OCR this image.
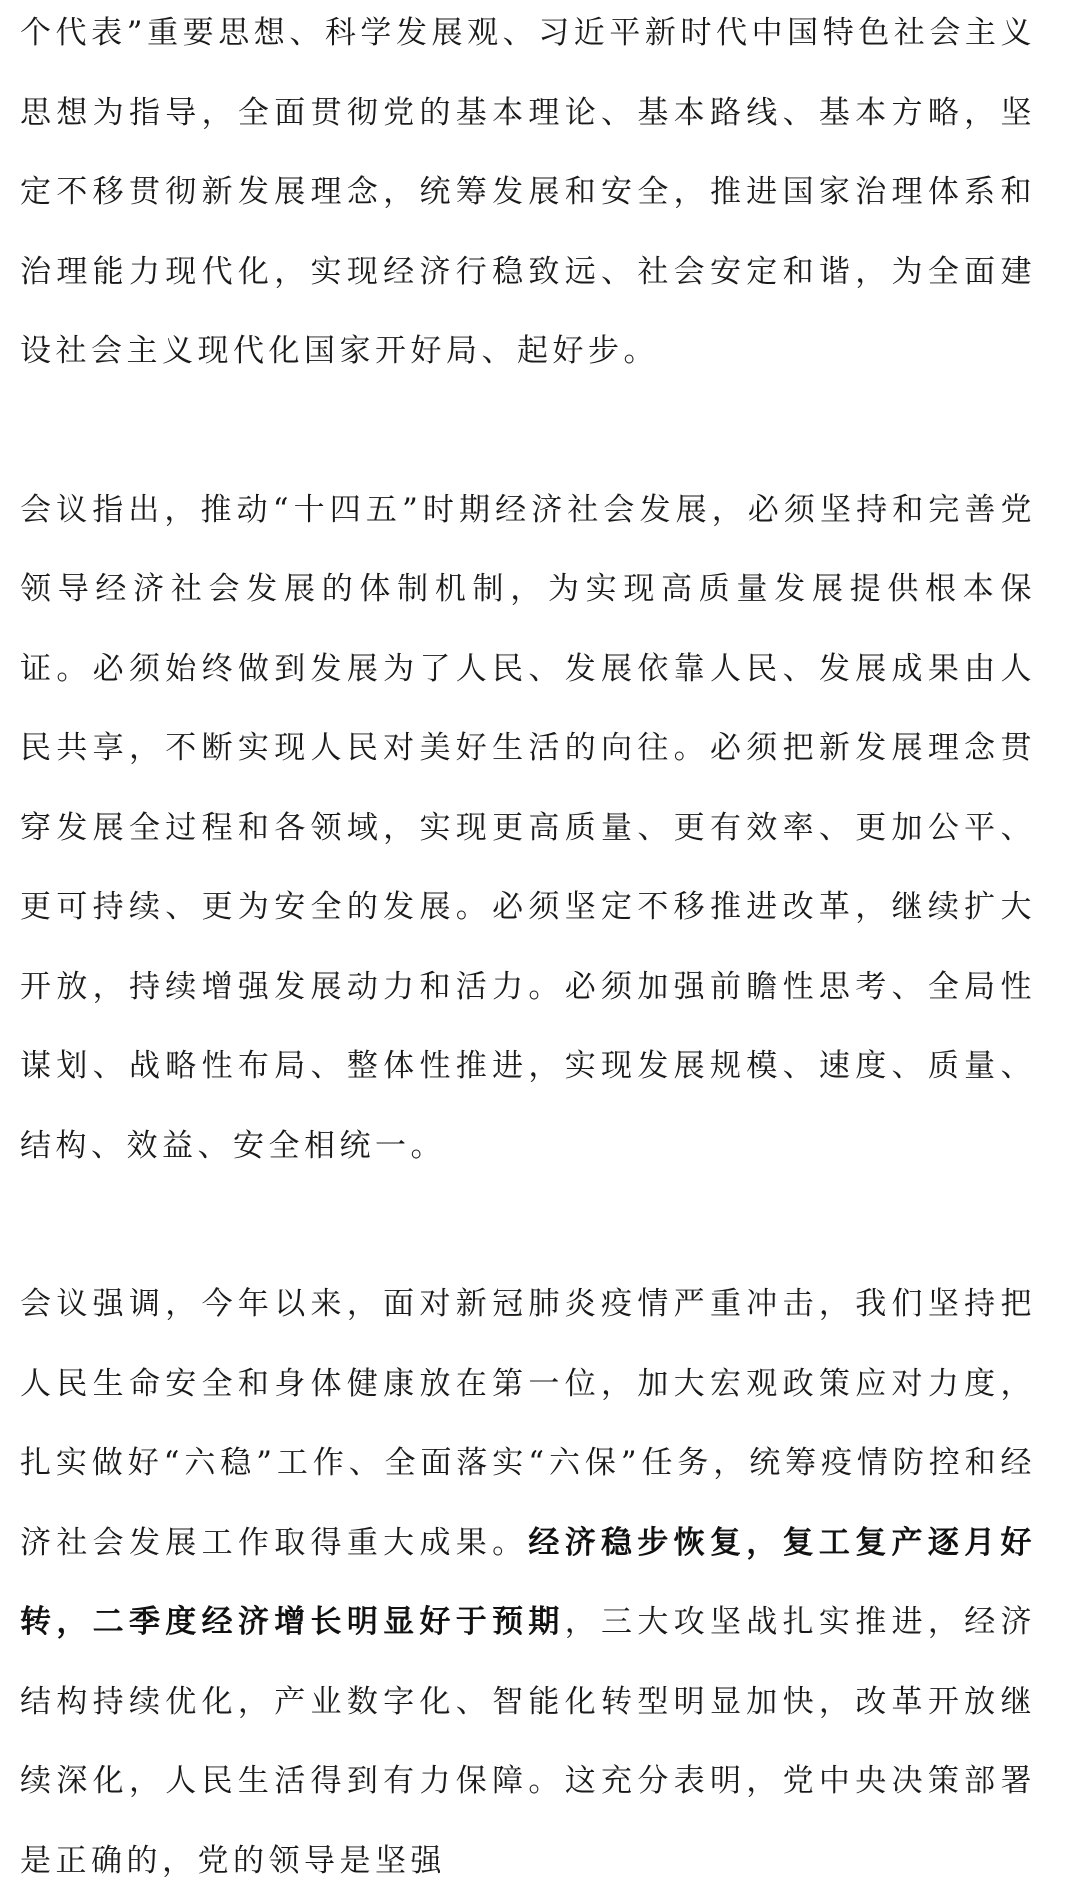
个代表”重要思想、科学发展观、习近平新时代中国特色社会主义思想为指导，全面贯彻党的基本理论、基本路线、基本方略，坚定不移贯彻新发展理念，统筹发展和安全，推进国家治理体系和治理能力现代化，实现经济行稳致远、社会安定和谐，为全面建设社会主义现代化国家开好局、起好步。

会议指出，推动“十四五”时期经济社会发展，必须坚持和完善党领导经济社会发展的体制机制，为实现高质量发展提供根本保证。必须始终做到发展为了人民、发展依靠人民、发展成果由人民共享，不断实现人民对美好生活的向往。必须把新发展理念贯穿发展全过程和各领域，实现更高质量、更有效率、更加公平、更可持续、更为安全的发展。必须坚定不移推进改革，继续扩大开放，持续增强发展动力和活力。必须加强前瞻性思考、全局性谋划、战略性布局、整体性推进，实现发展规模、速度、质量、结构、效益、安全相统一。

会议强调，今年以来，面对新冠肺炎疫情严重冲击，我们坚持把人民生命安全和身体健康放在第一位，加大宏观政策应对力度，扎实做好“六稳”工作、全面落实“六保”任务，统筹疫情防控和经济社会发展工作取得重大成果。经济稳步恢复，复工复产逐月好转，二季度经济增长明显好于预期，三大攻坚战扎实推进，经济结构持续优化，产业数字化、智能化转型明显加快，改革开放继续深化，人民生活得到有力保障。这充分表明，党中央决策部署是正确的，党的领导是坚强
